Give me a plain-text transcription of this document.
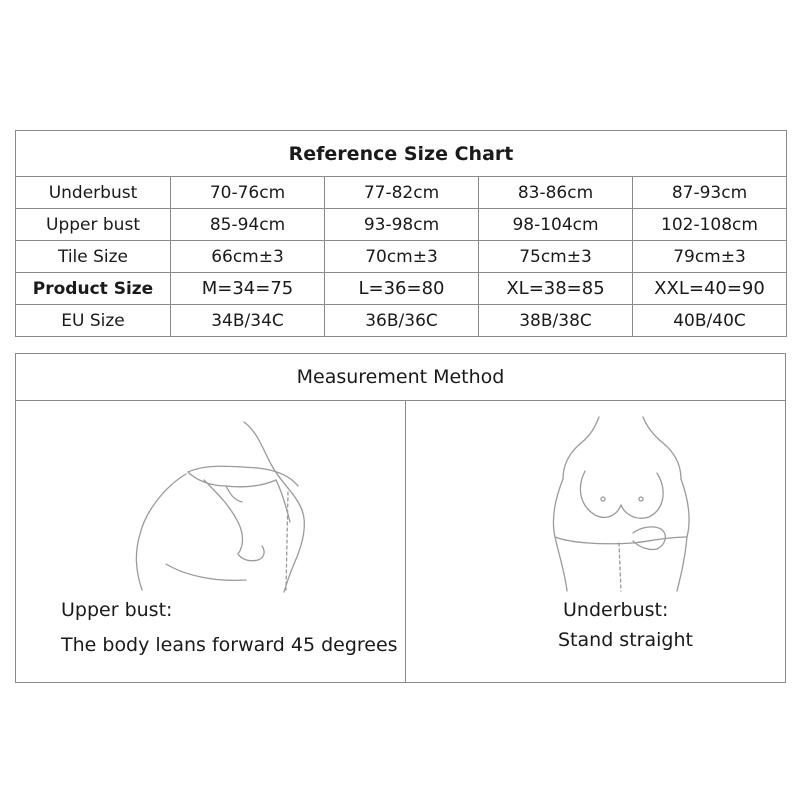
Reference Size Chart				
Underbust	70-76cm	77-82cm	83-86cm	87-93cm
Upper bust	85-94cm	93-98cm	98-104cm	102-108cm
Tile Size	66cm±3	70cm±3	75cm±3	79cm±3
Product Size	M=34=75	L=36=80	XL=38=85	XXL=40=90
EU Size	34B/34C	36B/36C	38B/38C	40B/40C
Measurement Method
Upper bust:
The body leans forward 45 degrees
Underbust:
Stand straight
